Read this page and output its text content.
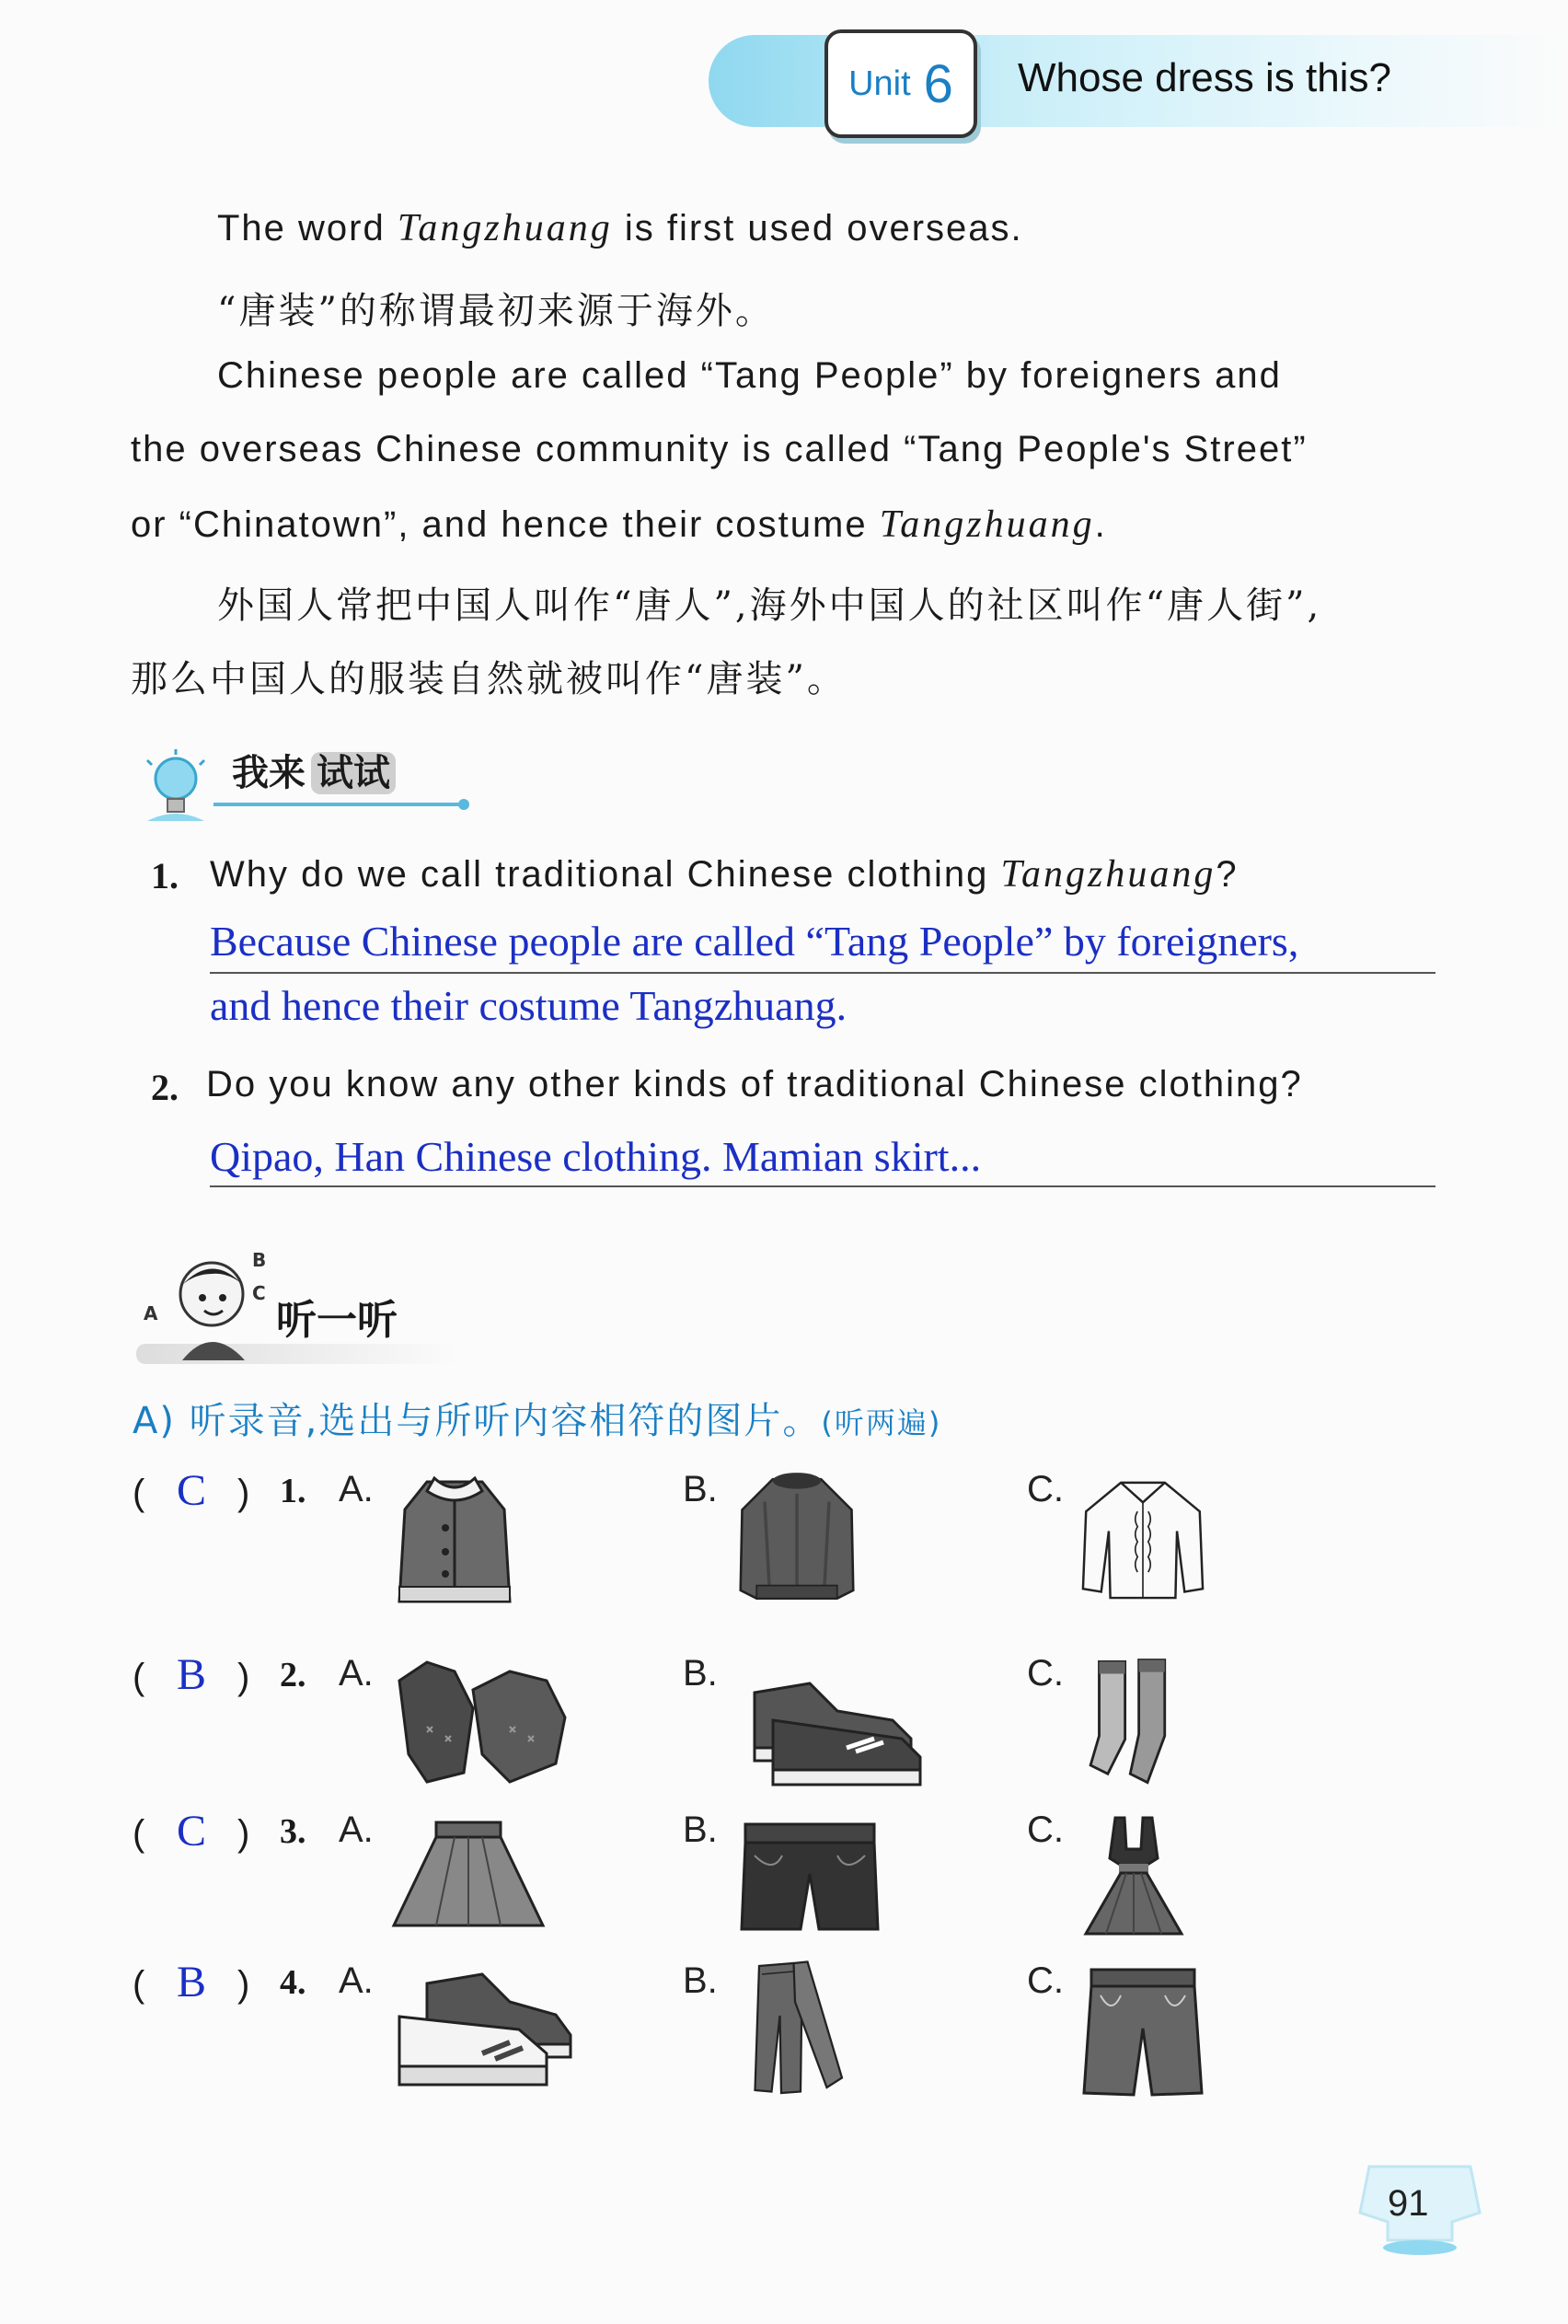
Unit 6 Whose dress is this?
The word Tangzhuang is first used overseas.
“唐装”的称谓最初来源于海外。
Chinese people are called “Tang People” by foreigners and
the overseas Chinese community is called “Tang People's Street”
or “Chinatown”, and hence their costume Tangzhuang.
外国人常把中国人叫作“唐人”,海外中国人的社区叫作“唐人街”,
那么中国人的服装自然就被叫作“唐装”。
我来 试试
1. Why do we call traditional Chinese clothing Tangzhuang?
Because Chinese people are called “Tang People” by foreigners,
and hence their costume Tangzhuang.
2. Do you know any other kinds of traditional Chinese clothing?
Qipao, Han Chinese clothing. Mamian skirt...
A
B
C
听一听
A) 听录音,选出与所听内容相符的图片。(听两遍)
( C ) 1. A.	B.	C.
( B ) 2. A.	B.	C.
( C ) 3. A.	B.	C.
( B ) 4. A.	B.	C.
91
